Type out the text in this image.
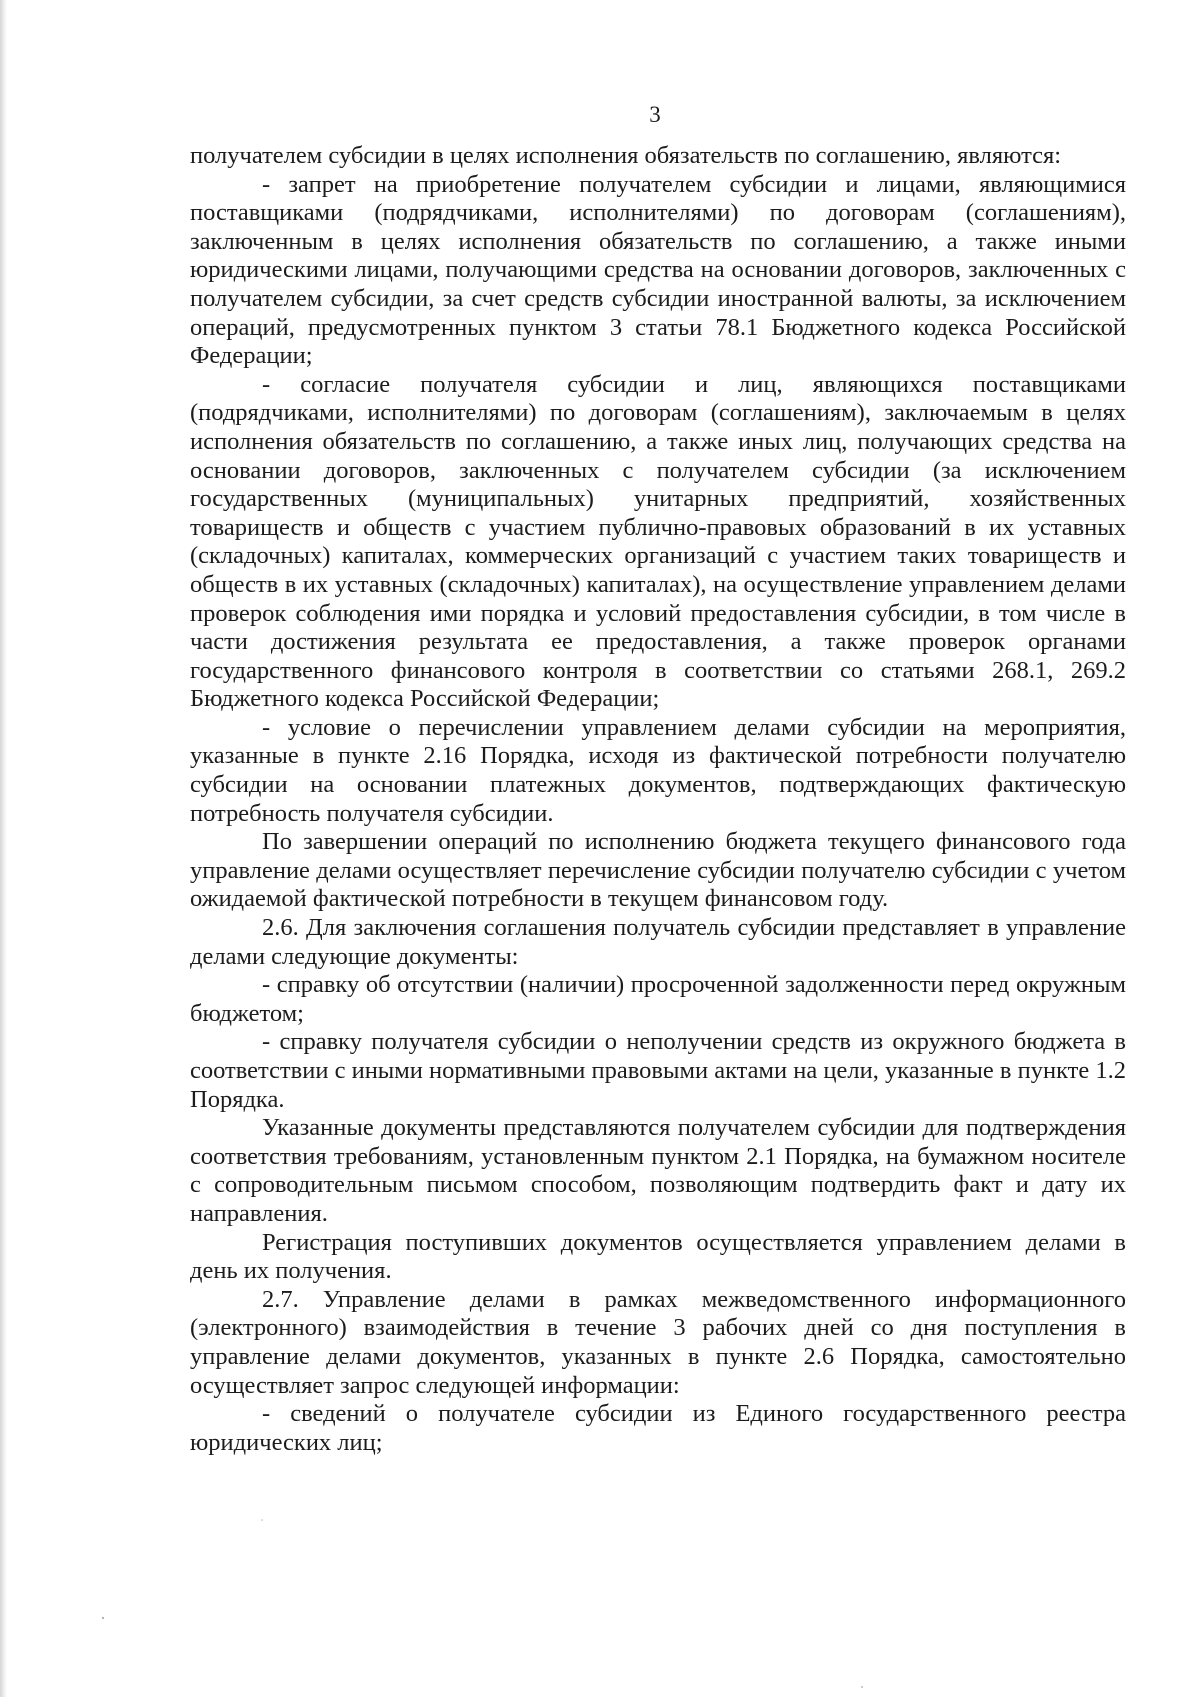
3

получателем субсидии в целях исполнения обязательств по соглашению, являются:

- запрет на приобретение получателем субсидии и лицами, являющимися поставщиками (подрядчиками, исполнителями) по договорам (соглашениям), заключенным в целях исполнения обязательств по соглашению, а также иными юридическими лицами, получающими средства на основании договоров, заключенных с получателем субсидии, за счет средств субсидии иностранной валюты, за исключением операций, предусмотренных пунктом 3 статьи 78.1 Бюджетного кодекса Российской Федерации;

- согласие получателя субсидии и лиц, являющихся поставщиками (подрядчиками, исполнителями) по договорам (соглашениям), заключаемым в целях исполнения обязательств по соглашению, а также иных лиц, получающих средства на основании договоров, заключенных с получателем субсидии (за исключением государственных (муниципальных) унитарных предприятий, хозяйственных товариществ и обществ с участием публично-правовых образований в их уставных (складочных) капиталах, коммерческих организаций с участием таких товариществ и обществ в их уставных (складочных) капиталах), на осуществление управлением делами проверок соблюдения ими порядка и условий предоставления субсидии, в том числе в части достижения результата ее предоставления, а также проверок органами государственного финансового контроля в соответствии со статьями 268.1, 269.2 Бюджетного кодекса Российской Федерации;

- условие о перечислении управлением делами субсидии на мероприятия, указанные в пункте 2.16 Порядка, исходя из фактической потребности получателю субсидии на основании платежных документов, подтверждающих фактическую потребность получателя субсидии.

По завершении операций по исполнению бюджета текущего финансового года управление делами осуществляет перечисление субсидии получателю субсидии с учетом ожидаемой фактической потребности в текущем финансовом году.

2.6. Для заключения соглашения получатель субсидии представляет в управление делами следующие документы:

- справку об отсутствии (наличии) просроченной задолженности перед окружным бюджетом;

- справку получателя субсидии о неполучении средств из окружного бюджета в соответствии с иными нормативными правовыми актами на цели, указанные в пункте 1.2 Порядка.

Указанные документы представляются получателем субсидии для подтверждения соответствия требованиям, установленным пунктом 2.1 Порядка, на бумажном носителе с сопроводительным письмом способом, позволяющим подтвердить факт и дату их направления.

Регистрация поступивших документов осуществляется управлением делами в день их получения.

2.7. Управление делами в рамках межведомственного информационного (электронного) взаимодействия в течение 3 рабочих дней со дня поступления в управление делами документов, указанных в пункте 2.6 Порядка, самостоятельно осуществляет запрос следующей информации:

- сведений о получателе субсидии из Единого государственного реестра юридических лиц;
